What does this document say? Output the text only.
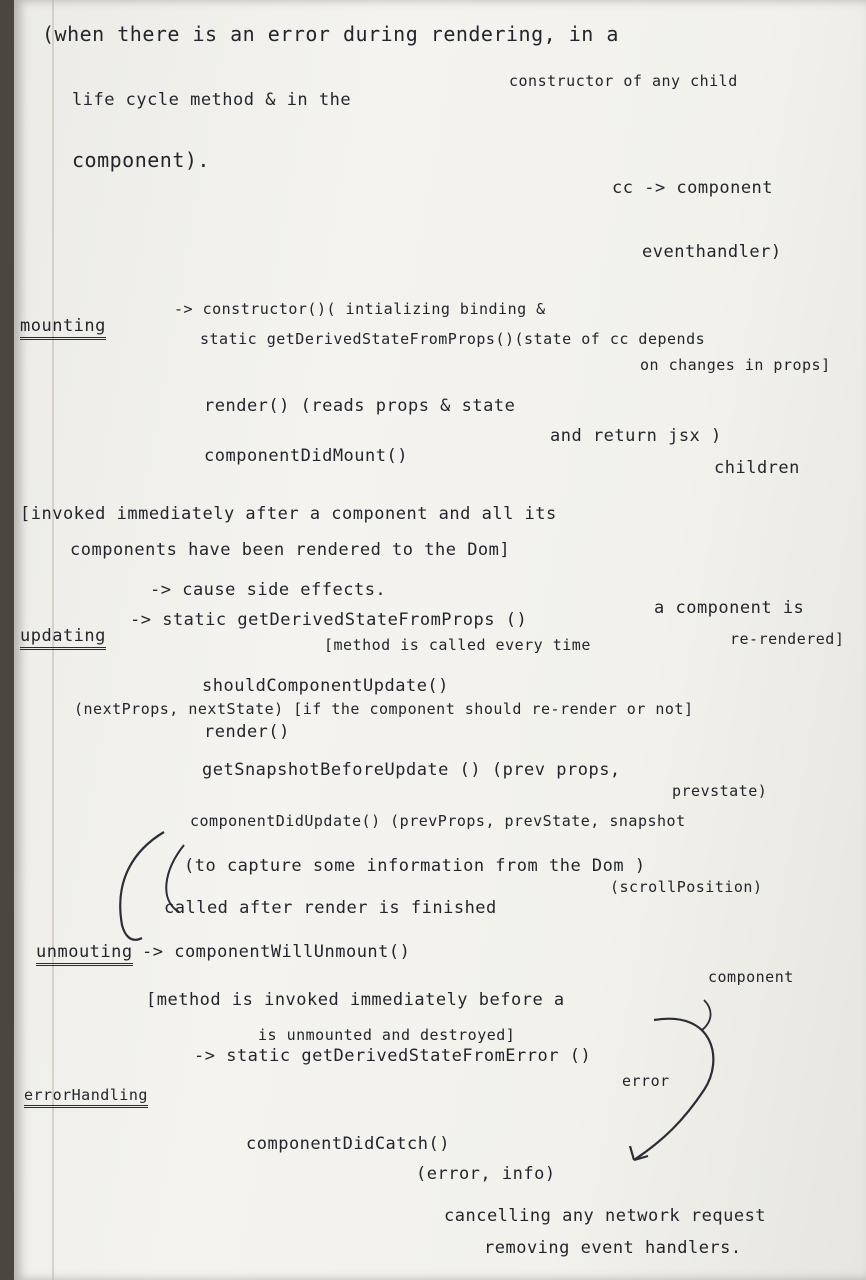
(when there is an error during rendering, in a
life cycle method & in the
constructor of any child
component).
cc -> component
eventhandler)
mounting
-> constructor()( intializing binding &
static getDerivedStateFromProps()(state of cc depends
on changes in props]
render() (reads props & state
and return jsx )
componentDidMount()
children
[invoked immediately after a component and all its
components have been rendered to the Dom]
-> cause side effects.
updating
-> static getDerivedStateFromProps ()
a component is
[method is called every time	re-rendered]
shouldComponentUpdate()
(nextProps, nextState) [if the component should re-render or not]
render()
getSnapshotBeforeUpdate () (prev props,
prevstate)
componentDidUpdate() (prevProps, prevState, snapshot
(to capture some information from the Dom )
called after render is finished
(scrollPosition)
unmouting -> componentWillUnmount()
[method is invoked immediately before a
component
is unmounted and destroyed]
errorHandling
-> static getDerivedStateFromError ()
error
componentDidCatch()
(error, info)
cancelling any network request
removing event handlers.
